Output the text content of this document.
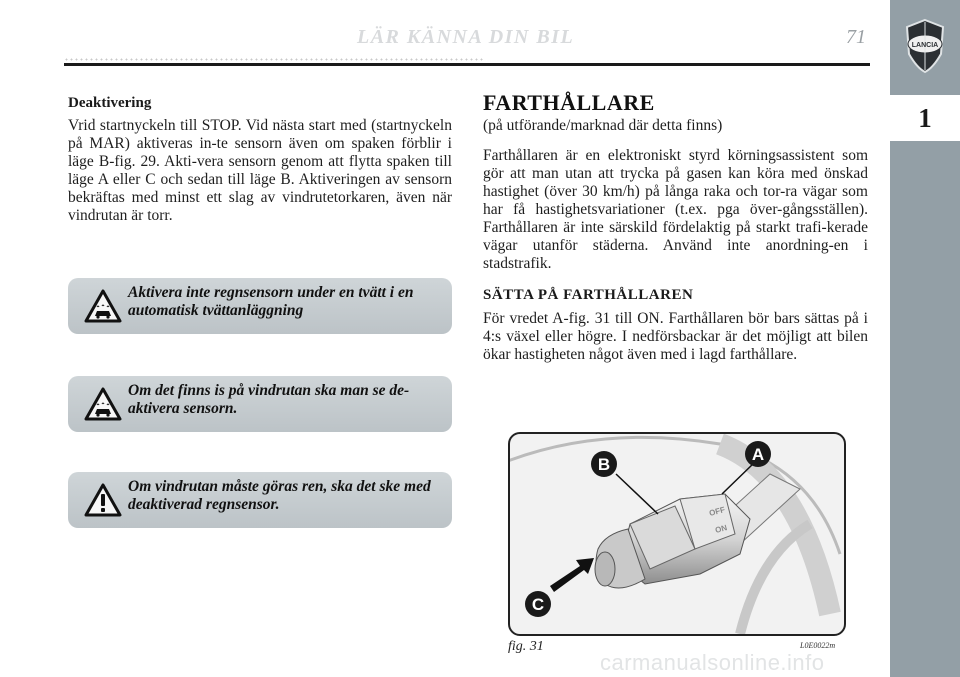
LÄR KÄNNA DIN BIL	71	LANCIA
1
Deaktivering

Vrid startnyckeln till STOP. Vid nästa start med (startnyckeln på MAR) aktiveras in-te sensorn även om spaken förblir i läge B-fig. 29. Akti-vera sensorn genom att flytta spaken till läge A eller C och sedan till läge B. Aktiveringen av sensorn bekräftas med minst ett slag av vindrutetorkaren, även när vindrutan är torr.

Aktivera inte regnsensorn under en tvätt i en automatisk tvättanläggning
Om det finns is på vindrutan ska man se de-aktivera sensorn.
Om vindrutan måste göras ren, ska det ske med deaktiverad regnsensor.
FARTHÅLLARE

(på utförande/marknad där detta finns)

Farthållaren är en elektroniskt styrd körningsassistent som gör att man utan att trycka på gasen kan köra med önskad hastighet (över 30 km/h) på långa raka och tor-ra vägar som har få hastighetsvariationer (t.ex. pga över-gångsställen). Farthållaren är inte särskild fördelaktig på starkt trafi-kerade vägar utanför städerna. Använd inte anordning-en i stadstrafik.

SÄTTA PÅ FARTHÅLLAREN

För vredet A-fig. 31 till ON. Farthållaren bör bars sättas på i 4:s växel eller högre. I nedförsbackar är det möjligt att bilen ökar hastigheten något även med i lagd farthållare.

OFF
ON
A
B
C
fig. 31	L0E0022m
carmanualsonline.info
